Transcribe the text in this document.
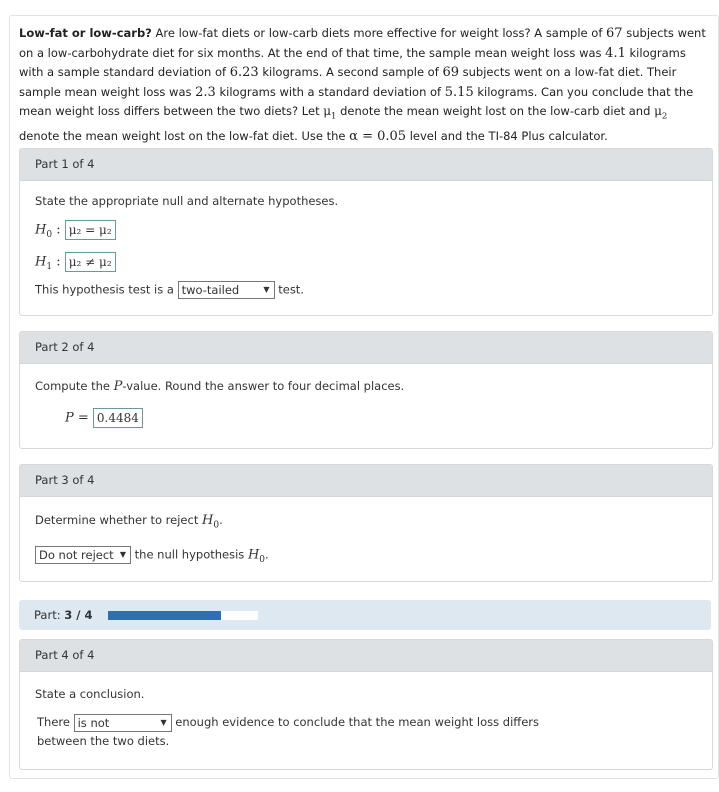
Low-fat or low-carb? Are low-fat diets or low-carb diets more effective for weight loss? A sample of 67 subjects went on a low-carbohydrate diet for six months. At the end of that time, the sample mean weight loss was 4.1 kilograms with a sample standard deviation of 6.23 kilograms. A second sample of 69 subjects went on a low-fat diet. Their sample mean weight loss was 2.3 kilograms with a standard deviation of 5.15 kilograms. Can you conclude that the mean weight loss differs between the two diets? Let $\mu_1$ denote the mean weight lost on the low-carb diet and $\mu_2$ denote the mean weight lost on the low-fat diet. Use the α = 0.05 level and the TI-84 Plus calculator.
Part 1 of 4
State the appropriate null and alternate hypotheses.
$H_0$ : μ₂ = μ₂
$H_1$ : μ₂ ≠ μ₂
This hypothesis test is a two-tailed	▼ test.
Part 2 of 4
Compute the P-value. Round the answer to four decimal places.
P = 0.4484
Part 3 of 4
Determine whether to reject $H_0$.
Do not reject ▼ the null hypothesis $H_0$.
Part: 3 / 4
Part 4 of 4
State a conclusion.
There is not	▼ enough evidence to conclude that the mean weight loss differs
between the two diets.
